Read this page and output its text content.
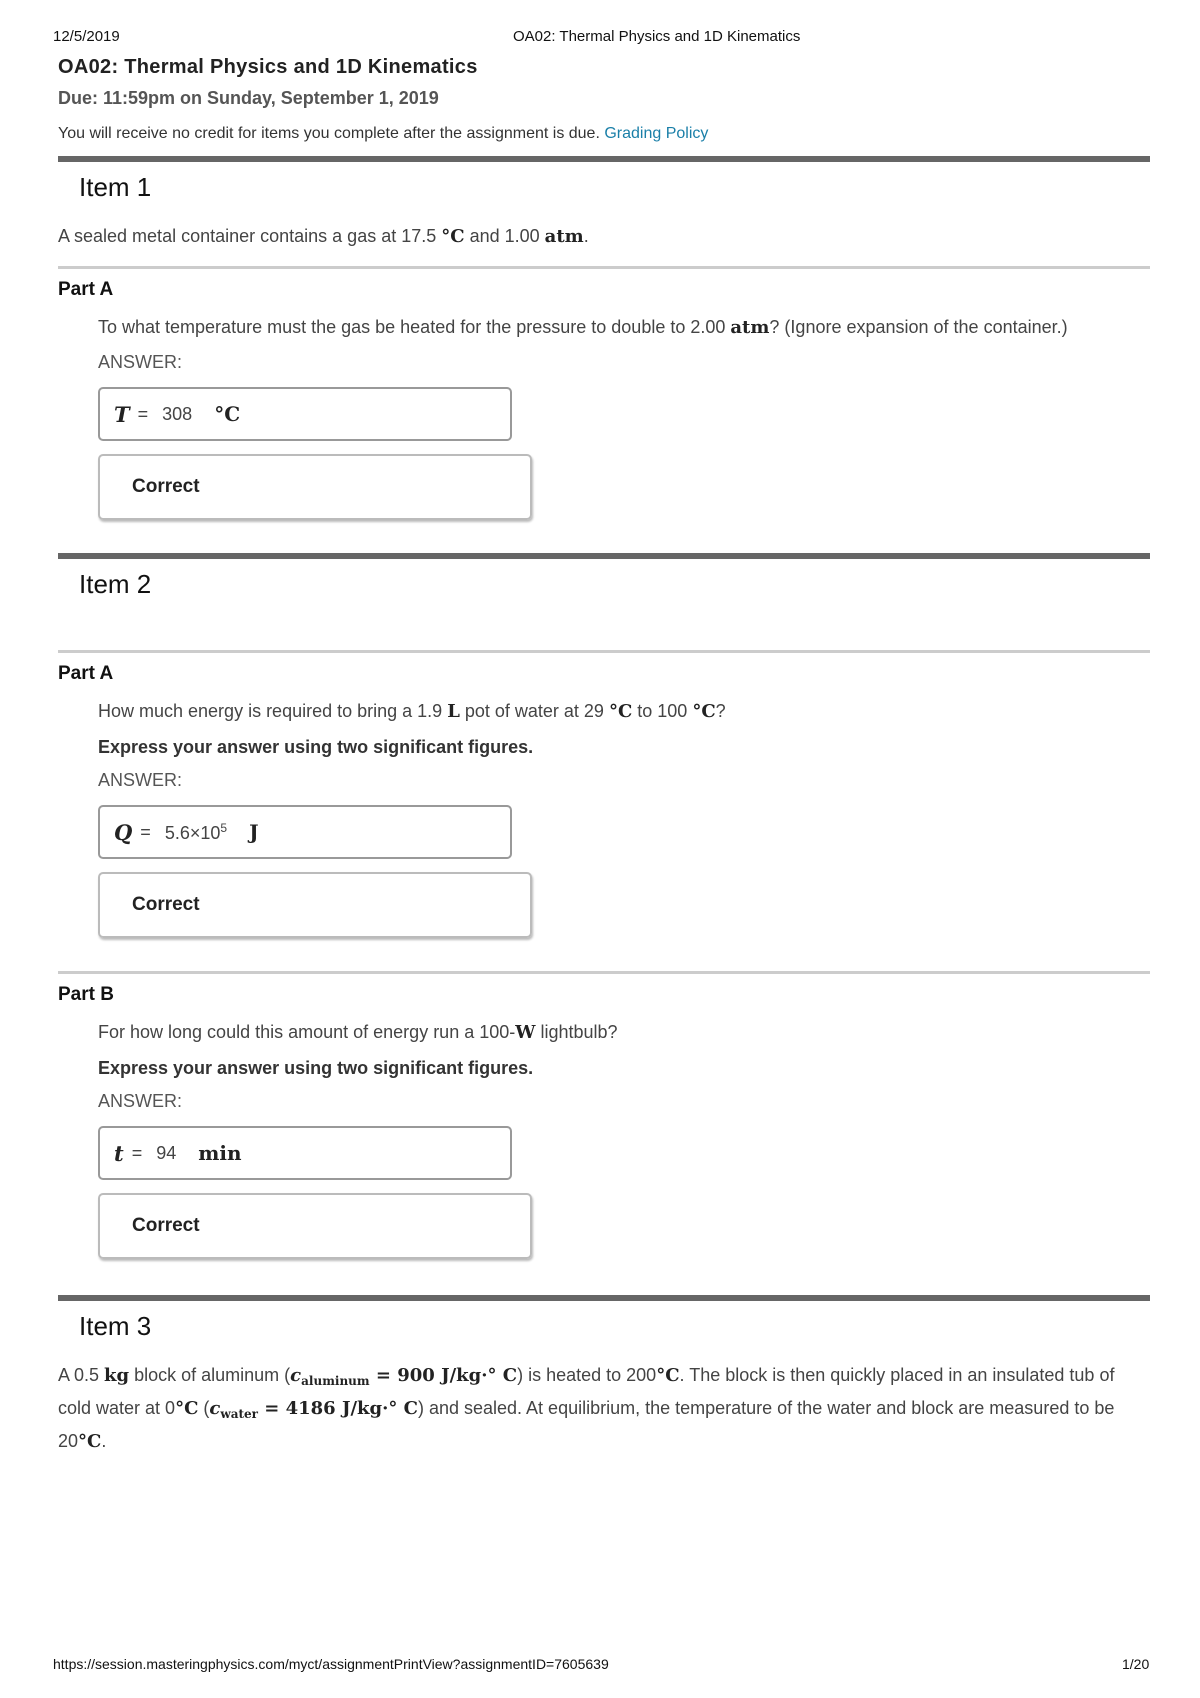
12/5/2019	OA02: Thermal Physics and 1D Kinematics
OA02: Thermal Physics and 1D Kinematics
Due: 11:59pm on Sunday, September 1, 2019
You will receive no credit for items you complete after the assignment is due. Grading Policy
Item 1
A sealed metal container contains a gas at 17.5 °C and 1.00 atm.
Part A
To what temperature must the gas be heated for the pressure to double to 2.00 atm? (Ignore expansion of the container.)
ANSWER:
T = 308 °C
Correct
Item 2
Part A
How much energy is required to bring a 1.9 L pot of water at 29 °C to 100 °C?
Express your answer using two significant figures.
ANSWER:
$Q = 5.6\times 10^5$ J
Correct
Part B
For how long could this amount of energy run a 100-W lightbulb?
Express your answer using two significant figures.
ANSWER:
t = 94 min
Correct
Item 3
A 0.5 kg block of aluminum ($c_{aluminum} = 900$ J/kg·° C) is heated to 200°C. The block is then quickly placed in an insulated tub of cold water at 0°C ($c_{water} = 4186$ J/kg·° C) and sealed. At equilibrium, the temperature of the water and block are measured to be 20°C.
https://session.masteringphysics.com/myct/assignmentPrintView?assignmentID=7605639	1/20
